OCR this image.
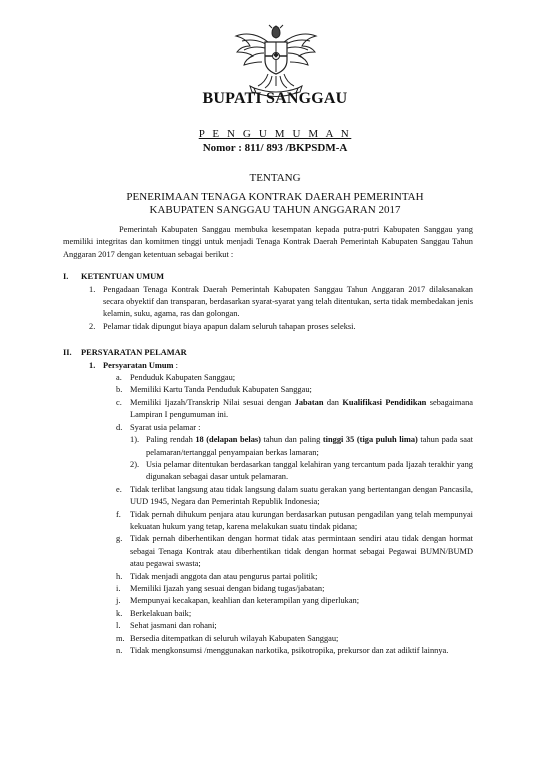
BUPATI SANGGAU
P E N G U M U M A N
Nomor : 811/ 893 /BKPSDM-A
TENTANG
PENERIMAAN TENAGA KONTRAK DAERAH PEMERINTAH
KABUPATEN SANGGAU TAHUN ANGGARAN 2017

Pemerintah Kabupaten Sanggau membuka kesempatan kepada putra-putri Kabupaten Sanggau yang memiliki integritas dan komitmen tinggi untuk menjadi Tenaga Kontrak Daerah Pemerintah Kabupaten Sanggau Tahun Anggaran 2017 dengan ketentuan sebagai berikut :

I.	KETENTUAN UMUM
1. Pengadaan Tenaga Kontrak Daerah Pemerintah Kabupaten Sanggau Tahun Anggaran 2017 dilaksanakan secara obyektif dan transparan, berdasarkan syarat-syarat yang telah ditentukan, serta tidak membedakan jenis kelamin, suku, agama, ras dan golongan.
2. Pelamar tidak dipungut biaya apapun dalam seluruh tahapan proses seleksi.
II.	PERSYARATAN PELAMAR
1. Persyaratan Umum :
a. Penduduk Kabupaten Sanggau;
b. Memiliki Kartu Tanda Penduduk Kabupaten Sanggau;
c. Memiliki Ijazah/Transkrip Nilai sesuai dengan Jabatan dan Kualifikasi Pendidikan sebagaimana Lampiran I pengumuman ini.
d. Syarat usia pelamar :
1). Paling rendah 18 (delapan belas) tahun dan paling tinggi 35 (tiga puluh lima) tahun pada saat pelamaran/tertanggal penyampaian berkas lamaran;
2). Usia pelamar ditentukan berdasarkan tanggal kelahiran yang tercantum pada Ijazah terakhir yang digunakan sebagai dasar untuk pelamaran.
e. Tidak terlibat langsung atau tidak langsung dalam suatu gerakan yang bertentangan dengan Pancasila, UUD 1945, Negara dan Pemerintah Republik Indonesia;
f.	Tidak pernah dihukum penjara atau kurungan berdasarkan putusan pengadilan yang telah mempunyai kekuatan hukum yang tetap, karena melakukan suatu tindak pidana;
g. Tidak pernah diberhentikan dengan hormat tidak atas permintaan sendiri atau tidak dengan hormat sebagai Tenaga Kontrak atau diberhentikan tidak dengan hormat sebagai Pegawai BUMN/BUMD atau pegawai swasta;
h. Tidak menjadi anggota dan atau pengurus partai politik;
i.	Memiliki Ijazah yang sesuai dengan bidang tugas/jabatan;
j.	Mempunyai kecakapan, keahlian dan keterampilan yang diperlukan;
k. Berkelakuan baik;
l.	Sehat jasmani dan rohani;
m. Bersedia ditempatkan di seluruh wilayah Kabupaten Sanggau;
n. Tidak mengkonsumsi /menggunakan narkotika, psikotropika, prekursor dan zat adiktif lainnya.
